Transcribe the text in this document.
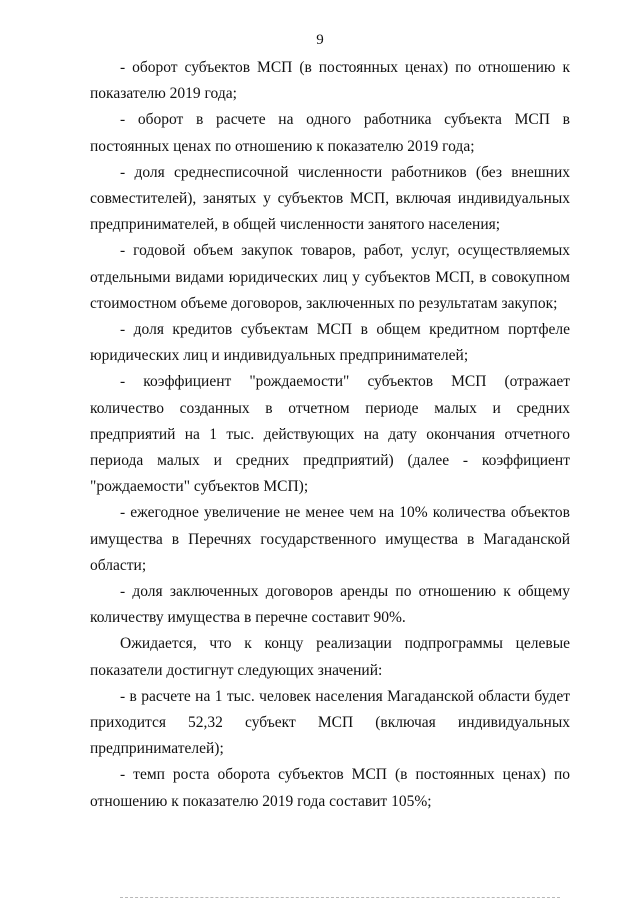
9

- оборот субъектов МСП (в постоянных ценах) по отношению к показателю 2019 года;

- оборот в расчете на одного работника субъекта МСП в постоянных ценах по отношению к показателю 2019 года;

- доля среднесписочной численности работников (без внешних совместителей), занятых у субъектов МСП, включая индивидуальных предпринимателей, в общей численности занятого населения;

- годовой объем закупок товаров, работ, услуг, осуществляемых отдельными видами юридических лиц у субъектов МСП, в совокупном стоимостном объеме договоров, заключенных по результатам закупок;

- доля кредитов субъектам МСП в общем кредитном портфеле юридических лиц и индивидуальных предпринимателей;

- коэффициент "рождаемости" субъектов МСП (отражает количество созданных в отчетном периоде малых и средних предприятий на 1 тыс. действующих на дату окончания отчетного периода малых и средних предприятий) (далее - коэффициент "рождаемости" субъектов МСП);

- ежегодное увеличение не менее чем на 10% количества объектов имущества в Перечнях государственного имущества в Магаданской области;

- доля заключенных договоров аренды по отношению к общему количеству имущества в перечне составит 90%.

Ожидается, что к концу реализации подпрограммы целевые показатели достигнут следующих значений:

- в расчете на 1 тыс. человек населения Магаданской области будет приходится 52,32 субъект МСП (включая индивидуальных предпринимателей);

- темп роста оборота субъектов МСП (в постоянных ценах) по отношению к показателю 2019 года составит 105%;
